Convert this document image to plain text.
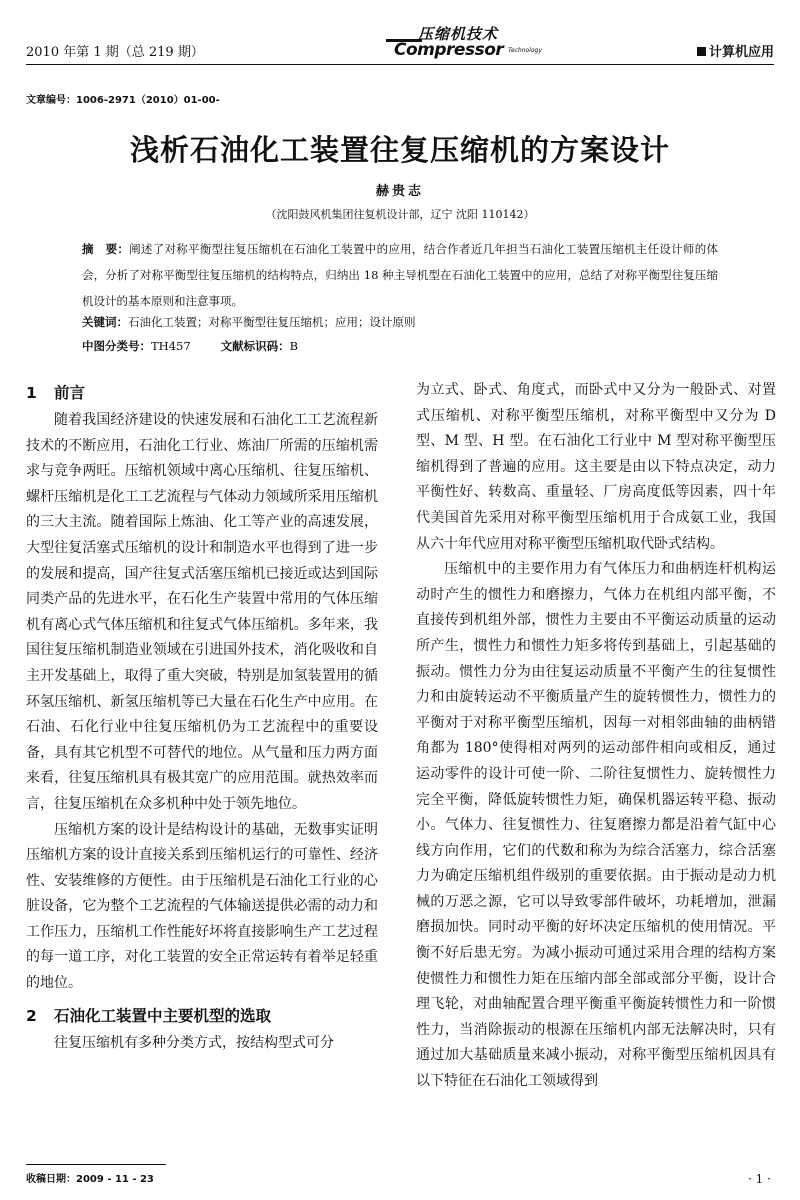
2010 年第 1 期（总 219 期）
压缩机技术
Compressor Technology	计算机应用
文章编号：1006-2971（2010）01-00-
浅析石油化工装置往复压缩机的方案设计
赫贵志
（沈阳鼓风机集团往复机设计部，辽宁 沈阳 110142）

摘　要：阐述了对称平衡型往复压缩机在石油化工装置中的应用，结合作者近几年担当石油化工装置压缩机主任设计师的体会，分析了对称平衡型往复压缩机的结构特点，归纳出 18 种主导机型在石油化工装置中的应用，总结了对称平衡型往复压缩机设计的基本原则和注意事项。

关键词：石油化工装置；对称平衡型往复压缩机；应用；设计原则
中图分类号：TH457	文献标识码：B

1 前言

随着我国经济建设的快速发展和石油化工工艺流程新技术的不断应用，石油化工行业、炼油厂所需的压缩机需求与竞争两旺。压缩机领域中离心压缩机、往复压缩机、螺杆压缩机是化工工艺流程与气体动力领域所采用压缩机的三大主流。随着国际上炼油、化工等产业的高速发展，大型往复活塞式压缩机的设计和制造水平也得到了进一步的发展和提高，国产往复式活塞压缩机已接近或达到国际同类产品的先进水平，在石化生产装置中常用的气体压缩机有离心式气体压缩机和往复式气体压缩机。多年来，我国往复压缩机制造业领域在引进国外技术，消化吸收和自主开发基础上，取得了重大突破，特别是加氢装置用的循环氢压缩机、新氢压缩机等已大量在石化生产中应用。在石油、石化行业中往复压缩机仍为工艺流程中的重要设备，具有其它机型不可替代的地位。从气量和压力两方面来看，往复压缩机具有极其宽广的应用范围。就热效率而言，往复压缩机在众多机种中处于领先地位。

压缩机方案的设计是结构设计的基础，无数事实证明压缩机方案的设计直接关系到压缩机运行的可靠性、经济性、安装维修的方便性。由于压缩机是石油化工行业的心脏设备，它为整个工艺流程的气体输送提供必需的动力和工作压力，压缩机工作性能好坏将直接影响生产工艺过程的每一道工序，对化工装置的安全正常运转有着举足轻重的地位。

2 石油化工装置中主要机型的选取

往复压缩机有多种分类方式，按结构型式可分

为立式、卧式、角度式，而卧式中又分为一般卧式、对置式压缩机、对称平衡型压缩机，对称平衡型中又分为 D 型、M 型、H 型。在石油化工行业中 M 型对称平衡型压缩机得到了普遍的应用。这主要是由以下特点决定，动力平衡性好、转数高、重量轻、厂房高度低等因素，四十年代美国首先采用对称平衡型压缩机用于合成氨工业，我国从六十年代应用对称平衡型压缩机取代卧式结构。

压缩机中的主要作用力有气体压力和曲柄连杆机构运动时产生的惯性力和磨擦力，气体力在机组内部平衡，不直接传到机组外部，惯性力主要由不平衡运动质量的运动所产生，惯性力和惯性力矩多将传到基础上，引起基础的振动。惯性力分为由往复运动质量不平衡产生的往复惯性力和由旋转运动不平衡质量产生的旋转惯性力，惯性力的平衡对于对称平衡型压缩机，因每一对相邻曲轴的曲柄错角都为 180°使得相对两列的运动部件相向或相反，通过运动零件的设计可使一阶、二阶往复惯性力、旋转惯性力完全平衡，降低旋转惯性力矩，确保机器运转平稳、振动小。气体力、往复惯性力、往复磨擦力都是沿着气缸中心线方向作用，它们的代数和称为为综合活塞力，综合活塞力为确定压缩机组件级别的重要依据。由于振动是动力机械的万恶之源，它可以导致零部件破坏，功耗增加，泄漏磨损加快。同时动平衡的好坏决定压缩机的使用情况。平衡不好后患无穷。为减小振动可通过采用合理的结构方案使惯性力和惯性力矩在压缩内部全部或部分平衡，设计合理飞轮，对曲轴配置合理平衡重平衡旋转惯性力和一阶惯性力，当消除振动的根源在压缩机内部无法解决时，只有通过加大基础质量来减小振动，对称平衡型压缩机因具有以下特征在石油化工领域得到

收稿日期：2009 - 11 - 23	· 1 ·
